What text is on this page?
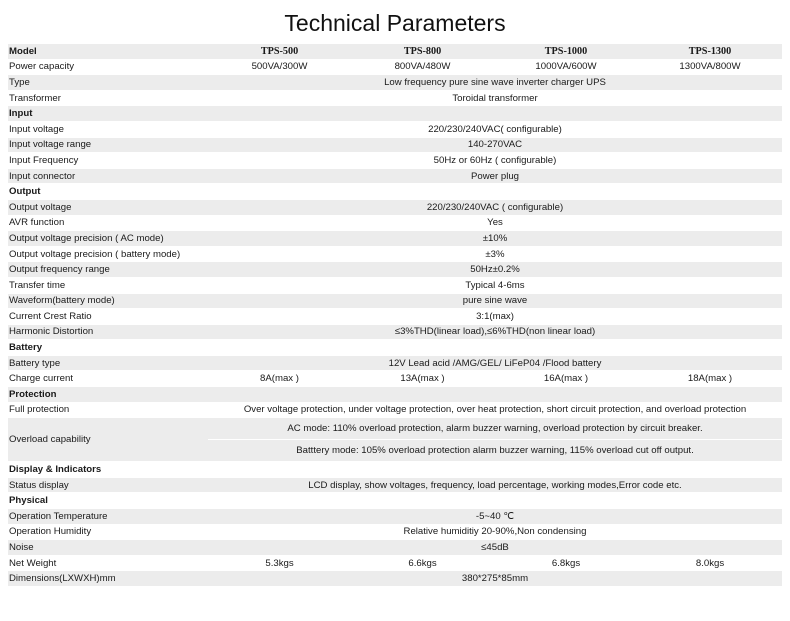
Technical Parameters
Model	TPS-500	TPS-800	TPS-1000	TPS-1300
Power capacity	500VA/300W	800VA/480W	1000VA/600W	1300VA/800W
Type	Low frequency pure sine wave inverter charger UPS			
Transformer	Toroidal transformer			
Input				
Input voltage	220/230/240VAC( configurable)			
Input voltage range	140-270VAC			
Input Frequency	50Hz or 60Hz ( configurable)			
Input connector	Power plug			
Output				
Output voltage	220/230/240VAC ( configurable)			
AVR function	Yes			
Output voltage precision ( AC mode)	±10%			
Output voltage precision ( battery mode)	±3%			
Output frequency range	50Hz±0.2%			
Transfer time	Typical 4-6ms			
Waveform(battery mode)	pure sine wave			
Current Crest Ratio	3:1(max)			
Harmonic Distortion	≤3%THD(linear load),≤6%THD(non linear load)			
Battery				
Battery type	12V Lead acid /AMG/GEL/ LiFeP04 /Flood battery			
Charge current	8A(max )	13A(max )	16A(max )	18A(max )
Protection				
Full protection	Over voltage protection, under voltage protection, over heat protection, short circuit protection, and overload protection			
Overload capability	AC mode: 110% overload protection, alarm buzzer warning, overload protection by circuit breaker.			
	Batttery mode: 105% overload protection alarm buzzer warning, 115% overload cut off output.			
Display & Indicators				
Status display	LCD display, show voltages, frequency, load percentage, working modes,Error code etc.			
Physical				
Operation Temperature	-5~40 ℃			
Operation Humidity	Relative humiditiy 20-90%,Non condensing			
Noise	≤45dB			
Net Weight	5.3kgs	6.6kgs	6.8kgs	8.0kgs
Dimensions(LXWXH)mm	380*275*85mm			
